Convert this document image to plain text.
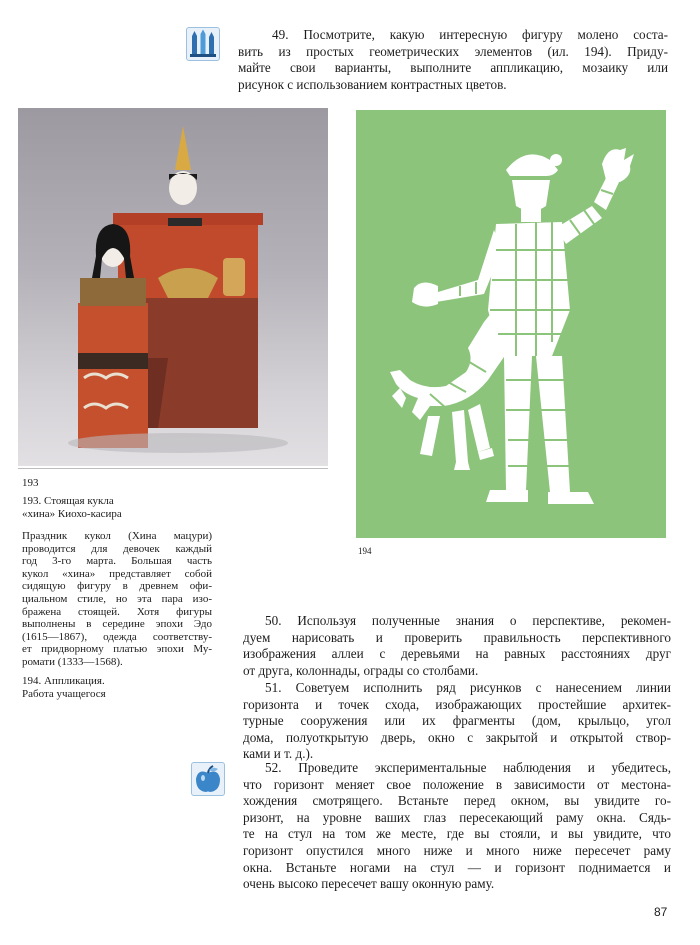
49. Посмотрите, какую интересную фигуру молено соста-

вить из простых геометрических элементов (ил. 194). Приду-

майте свои варианты, выполните аппликацию, мозаику или

рисунок с использованием контрастных цветов.

193

193. Стоящая кукла

«хина» Киохо-касира

Праздник кукол (Хина мацури)

проводится для девочек каждый

год 3-го марта. Большая часть

кукол «хина» представляет собой

сидящую фигуру в древнем офи-

циальном стиле, но эта пара изо-

бражена стоящей. Хотя фигуры

выполнены в середине эпохи Эдо

(1615—1867), одежда соответству-

ет придворному платью эпохи Му-

ромати (1333—1568).

194. Аппликация.

Работа учащегося

194

50. Используя полученные знания о перспективе, рекомен-

дуем нарисовать и проверить правильность перспективного

изображения аллеи с деревьями на равных расстояниях друг

от друга, колоннады, ограды со столбами.

51. Советуем исполнить ряд рисунков с нанесением линии

горизонта и точек схода, изображающих простейшие архитек-

турные сооружения или их фрагменты (дом, крыльцо, угол

дома, полуоткрытую дверь, окно с закрытой и открытой створ-

ками и т. д.).

52. Проведите экспериментальные наблюдения и убедитесь,

что горизонт меняет свое положение в зависимости от местона-

хождения смотрящего. Встаньте перед окном, вы увидите го-

ризонт, на уровне ваших глаз пересекающий раму окна. Сядь-

те на стул на том же месте, где вы стояли, и вы увидите, что

горизонт опустился много ниже и много ниже пересечет раму

окна. Встаньте ногами на стул — и горизонт поднимается и

очень высоко пересечет вашу оконную раму.

87
